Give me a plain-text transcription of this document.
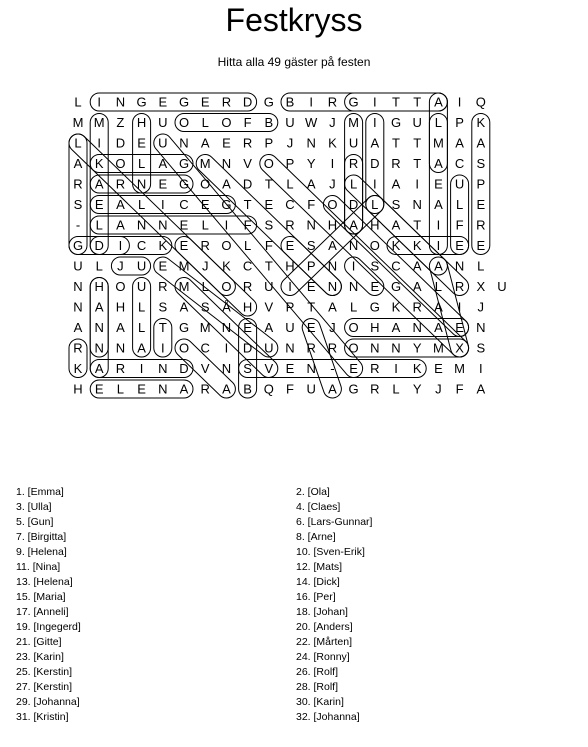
Festkryss
Hitta alla 49 gäster på festen
L I N G E G E R D G B I R G I T T A I Q
M M Z H U O L O F B U W J M I G U L P K
L I D E U N A E R P J N K U A T T M A A
A K O L A G M N V O P Y I R D R T A C S
R A R N E G O A D T L A J L I A I E U P
S E A L I C E G T E C F O D L S N A L E
- L A N N E L I F S R N H A H A T I F R
G D I C K E R O L F E S A N O K K I E E
U L J U E M J K C T H P N I S C A A N L
N H O U R M L O R U I E N N E G A L R X U
N A H L S A S Å H V P T A L G K R A I J
A N A L T G M N E A U E J O H A N A E N
R N N A I O C I D U N R R O N N Y M X S
K A R I N D V N S V E N - E R I K E M I
H E L E N A R A B Q F U A G R L Y J F A
1. [Emma]
3. [Ulla]
5. [Gun]
7. [Birgitta]
9. [Helena]
11. [Nina]
13. [Helena]
15. [Maria]
17. [Anneli]
19. [Ingegerd]
21. [Gitte]
23. [Karin]
25. [Kerstin]
27. [Kerstin]
29. [Johanna]
31. [Kristin]
2. [Ola]
4. [Claes]
6. [Lars-Gunnar]
8. [Arne]
10. [Sven-Erik]
12. [Mats]
14. [Dick]
16. [Per]
18. [Johan]
20. [Anders]
22. [Mårten]
24. [Ronny]
26. [Rolf]
28. [Rolf]
30. [Karin]
32. [Johanna]
